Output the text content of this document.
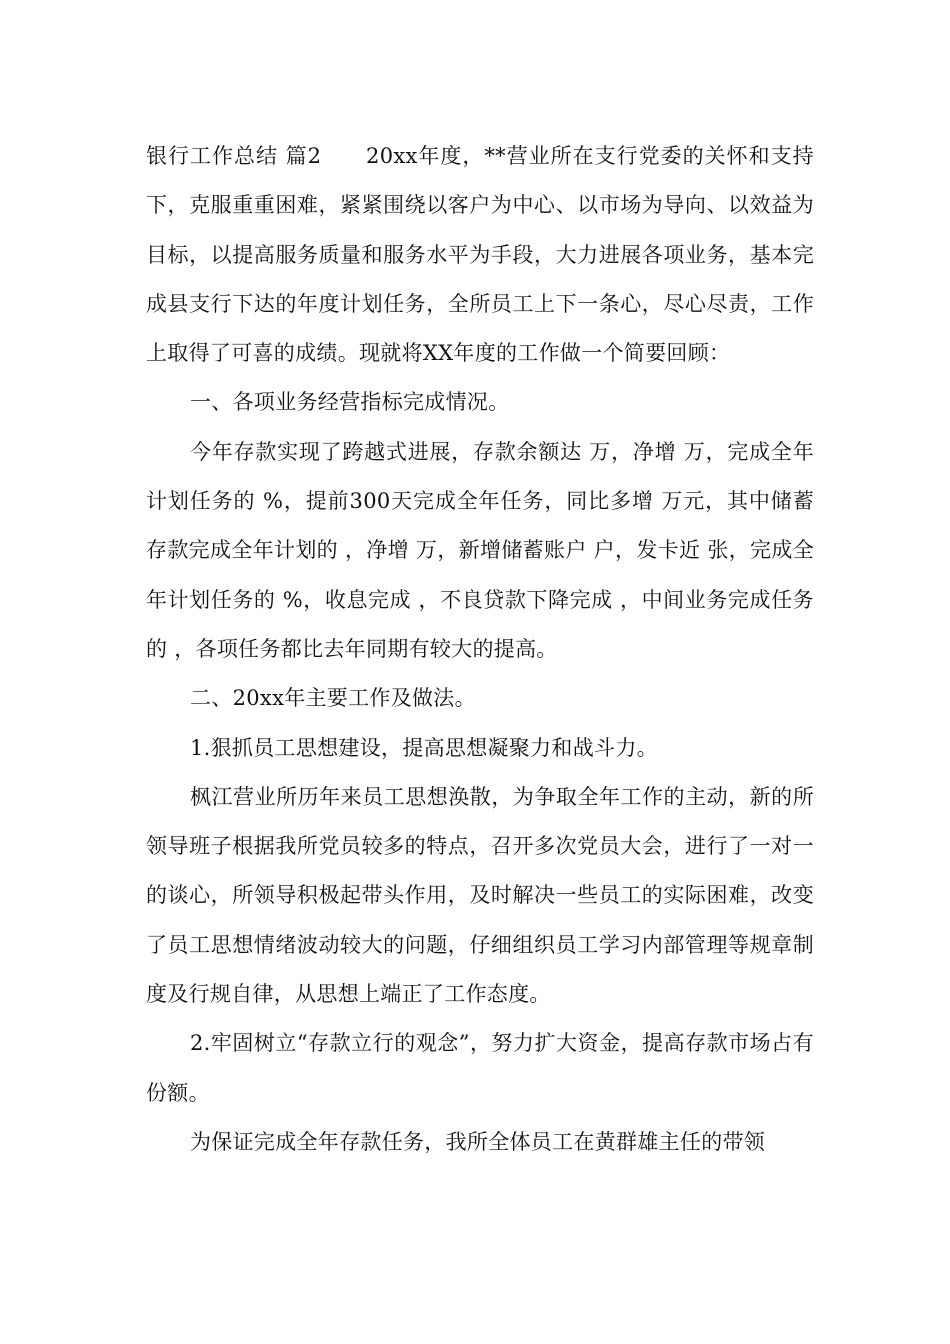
银行工作总结 篇2　　20xx年度，**营业所在支行党委的关怀和支持下，克服重重困难，紧紧围绕以客户为中心、以市场为导向、以效益为目标，以提高服务质量和服务水平为手段，大力进展各项业务，基本完成县支行下达的年度计划任务，全所员工上下一条心，尽心尽责，工作上取得了可喜的成绩。现就将XX年度的工作做一个简要回顾：

一、各项业务经营指标完成情况。

今年存款实现了跨越式进展，存款余额达 万，净增 万，完成全年计划任务的 %，提前300天完成全年任务，同比多增 万元，其中储蓄存款完成全年计划的 ，净增 万，新增储蓄账户 户，发卡近 张，完成全年计划任务的 %，收息完成 ，不良贷款下降完成 ，中间业务完成任务的 ，各项任务都比去年同期有较大的提高。

二、20xx年主要工作及做法。

1.狠抓员工思想建设，提高思想凝聚力和战斗力。

枫江营业所历年来员工思想涣散，为争取全年工作的主动，新的所领导班子根据我所党员较多的特点，召开多次党员大会，进行了一对一的谈心，所领导积极起带头作用，及时解决一些员工的实际困难，改变了员工思想情绪波动较大的问题，仔细组织员工学习内部管理等规章制度及行规自律，从思想上端正了工作态度。

2.牢固树立“存款立行的观念”，努力扩大资金，提高存款市场占有份额。

为保证完成全年存款任务，我所全体员工在黄群雄主任的带领
